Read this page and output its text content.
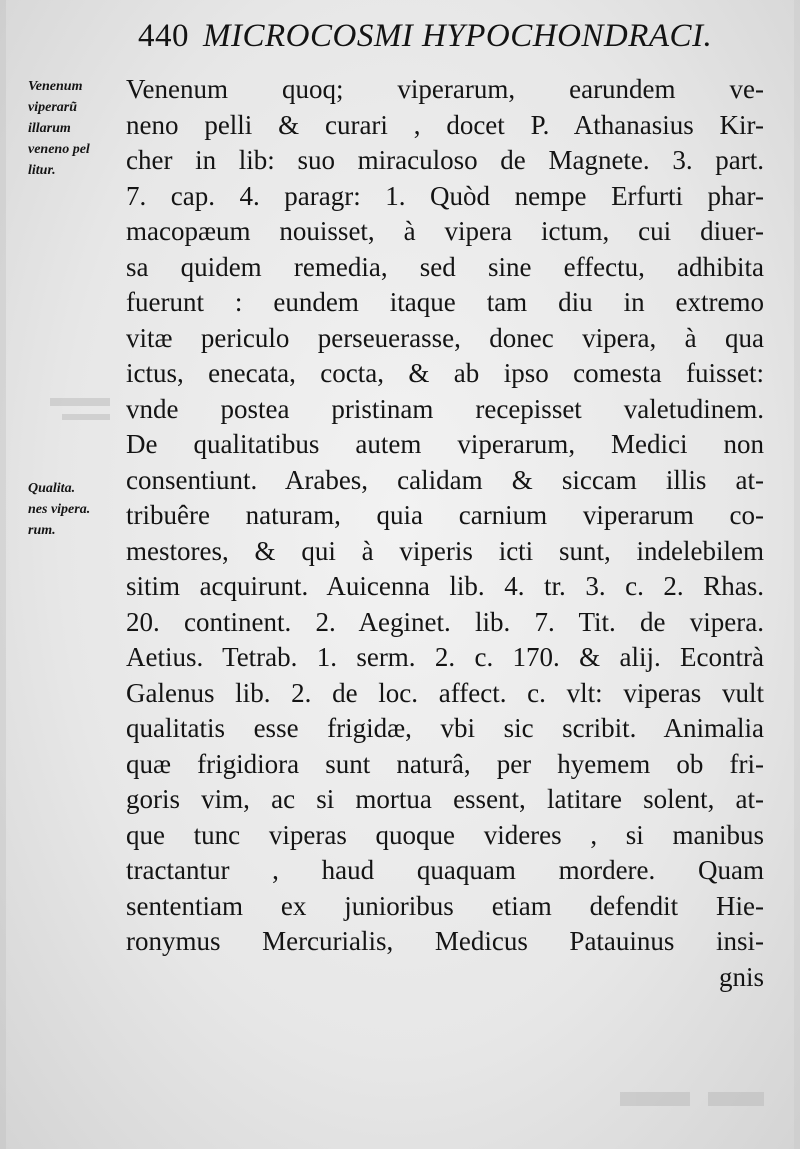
440 MICROCOSMI HYPOCHONDRACI.
Venenum
viperarũ
illarum
veneno pel
litur.
Qualita.
nes vipera.
rum.
Venenum quoq; viperarum, earundem ve-
neno pelli & curari , docet P. Athanasius Kir-
cher in lib: suo miraculoso de Magnete. 3. part.
7. cap. 4. paragr: 1. Quòd nempe Erfurti phar-
macopæum nouisset, à vipera ictum, cui diuer-
sa quidem remedia, sed sine effectu, adhibita
fuerunt : eundem itaque tam diu in extremo
vitæ periculo perseuerasse, donec vipera, à qua
ictus, enecata, cocta, & ab ipso comesta fuisset:
vnde postea pristinam recepisset valetudinem.
De qualitatibus autem viperarum, Medici non
consentiunt. Arabes, calidam & siccam illis at-
tribuêre naturam, quia carnium viperarum co-
mestores, & qui à viperis icti sunt, indelebilem
sitim acquirunt. Auicenna lib. 4. tr. 3. c. 2. Rhas.
20. continent. 2. Aeginet. lib. 7. Tit. de vipera.
Aetius. Tetrab. 1. serm. 2. c. 170. & alij. Econtrà
Galenus lib. 2. de loc. affect. c. vlt: viperas vult
qualitatis esse frigidæ, vbi sic scribit. Animalia
quæ frigidiora sunt naturâ, per hyemem ob fri-
goris vim, ac si mortua essent, latitare solent, at-
que tunc viperas quoque videres , si manibus
tractantur , haud quaquam mordere. Quam
sententiam ex junioribus etiam defendit Hie-
ronymus Mercurialis, Medicus Patauinus insi-
gnis
